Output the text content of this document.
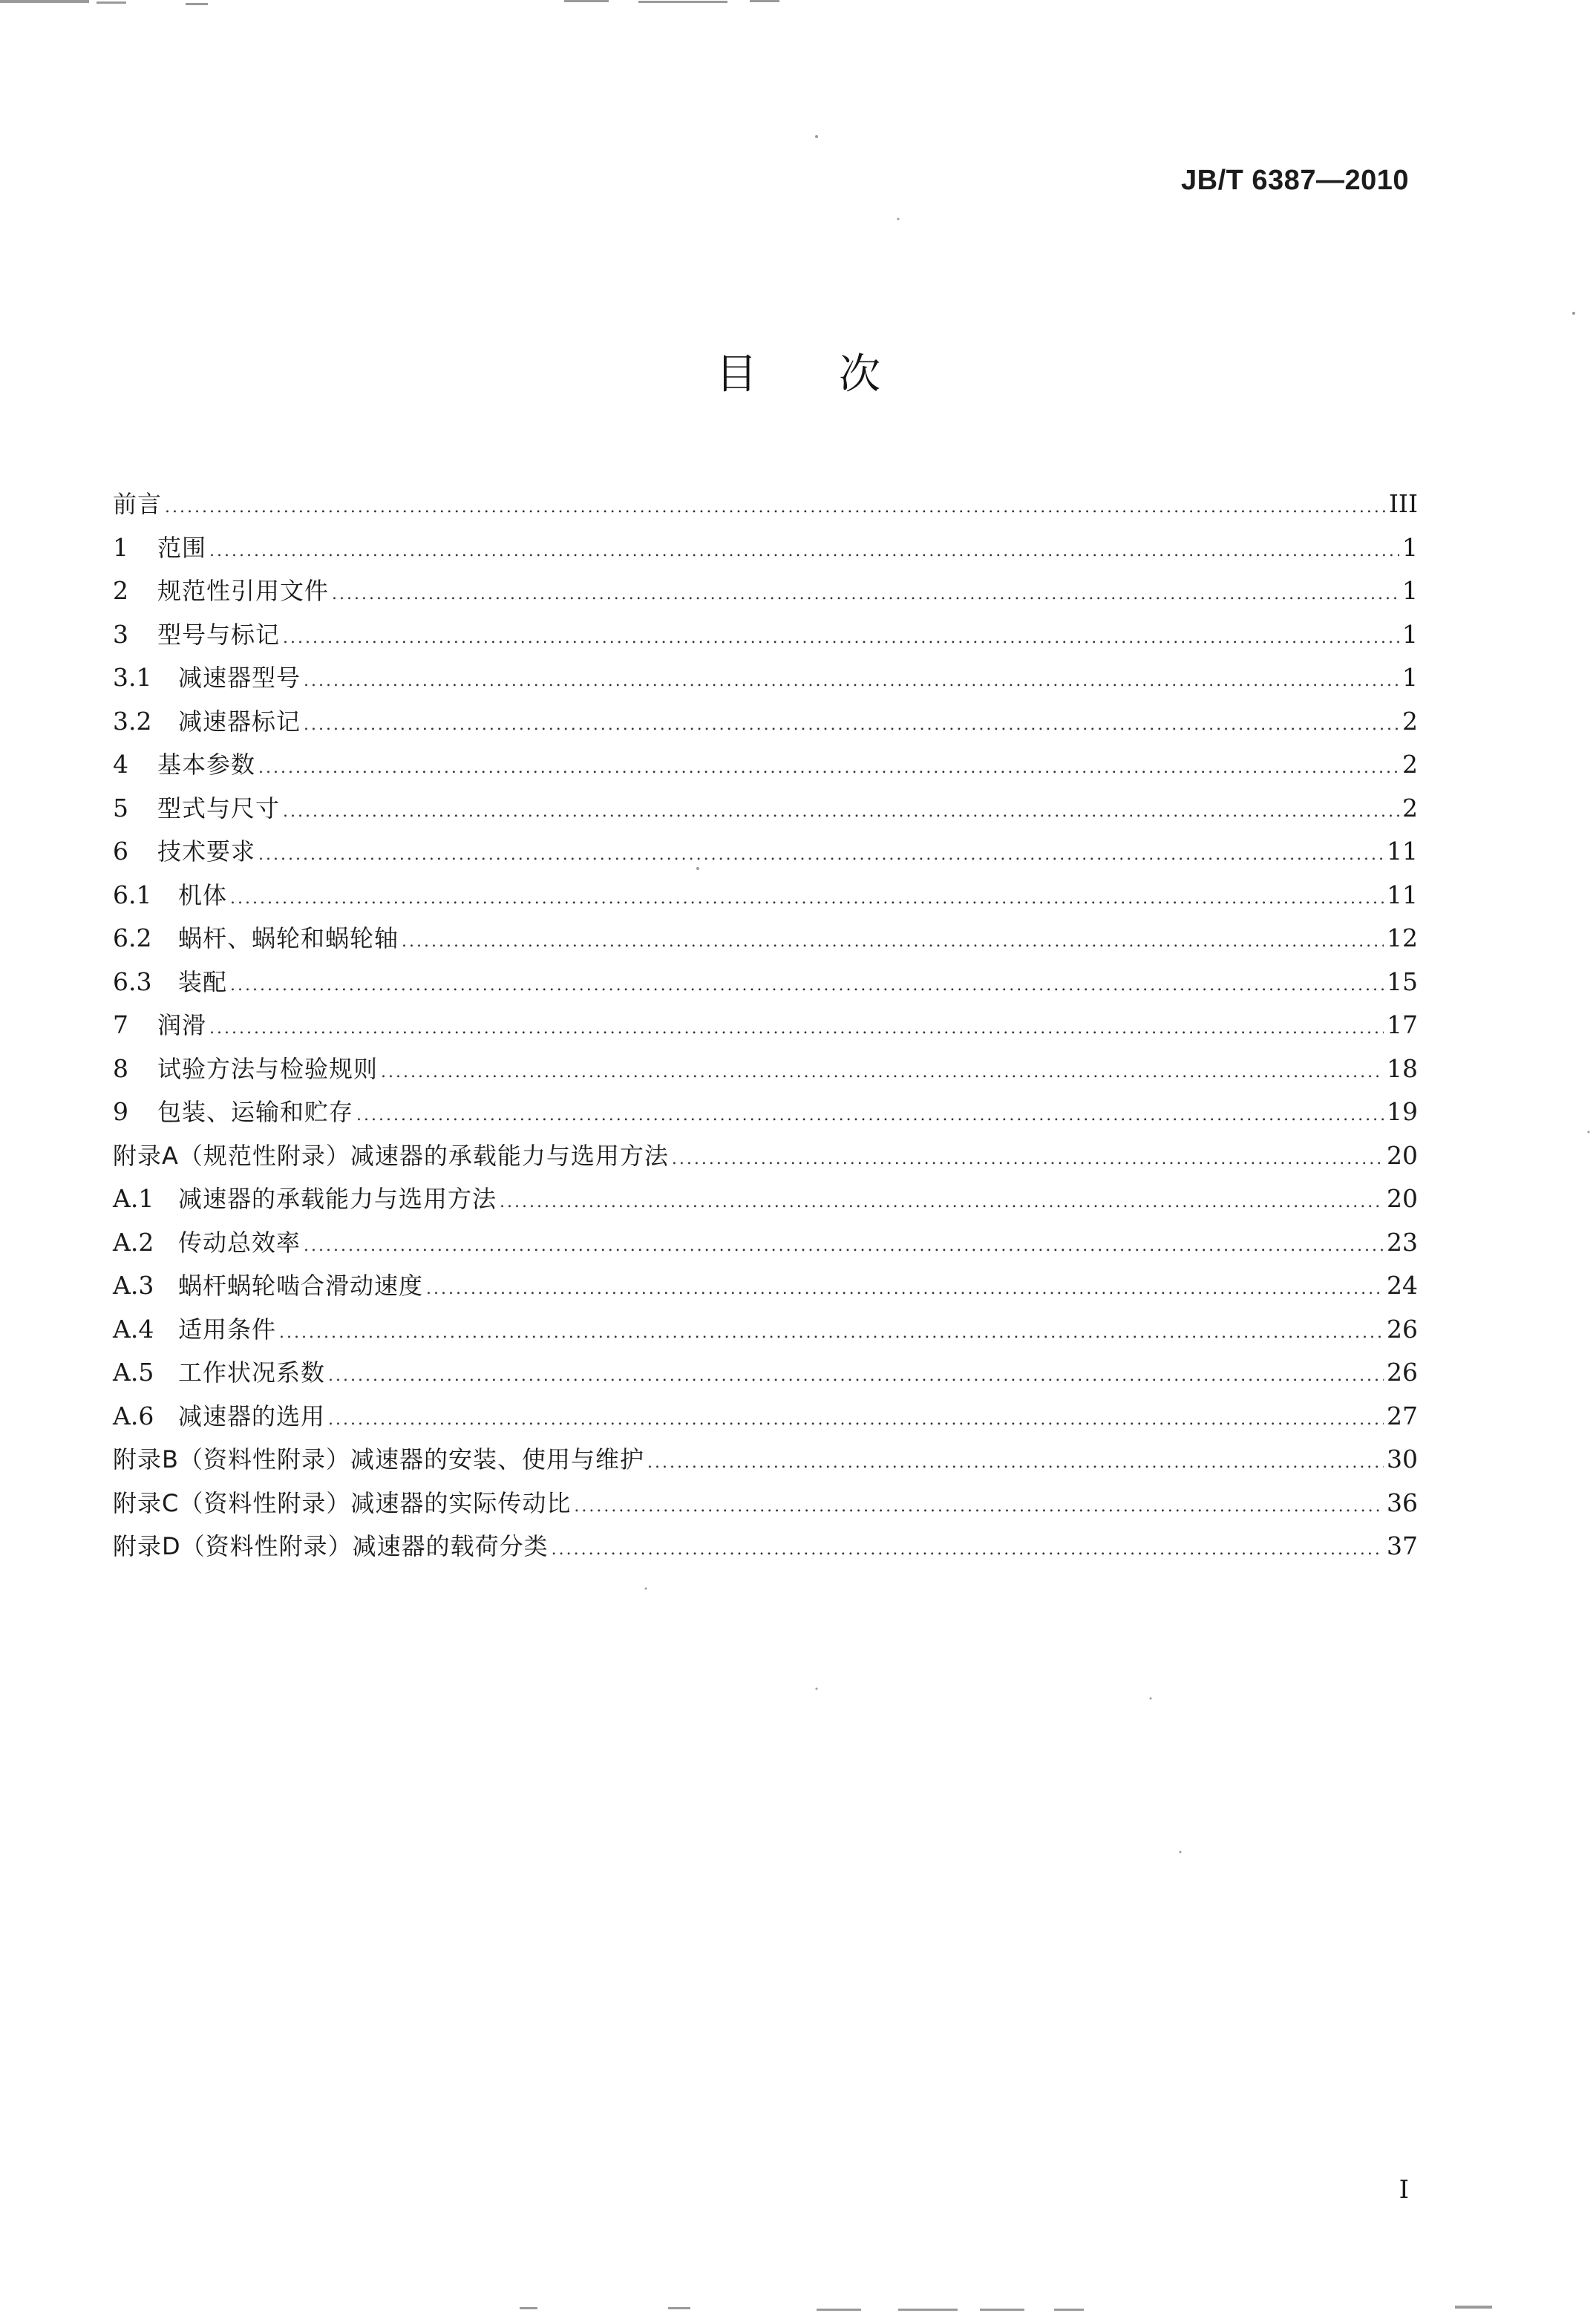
JB/T 6387—2010
目次
前言 .....	III
1	范围 .....	1
2	规范性引用文件 .....	1
3	型号与标记 .....	1
3.1	减速器型号 .....	1
3.2	减速器标记 .....	2
4	基本参数 .....	2
5	型式与尺寸 .....	2
6	技术要求 .....	11
6.1	机体 .....	11
6.2	蜗杆、蜗轮和蜗轮轴 .....	12
6.3	装配 .....	15
7	润滑 .....	17
8	试验方法与检验规则 .....	18
9	包装、运输和贮存 .....	19
附录A（规范性附录）减速器的承载能力与选用方法 .....	20
A.1	减速器的承载能力与选用方法 .....	20
A.2	传动总效率 .....	23
A.3	蜗杆蜗轮啮合滑动速度 .....	24
A.4	适用条件 .....	26
A.5	工作状况系数 .....	26
A.6	减速器的选用 .....	27
附录B（资料性附录）减速器的安装、使用与维护 .....	30
附录C（资料性附录）减速器的实际传动比 .....	36
附录D（资料性附录）减速器的载荷分类 .....	37
I
